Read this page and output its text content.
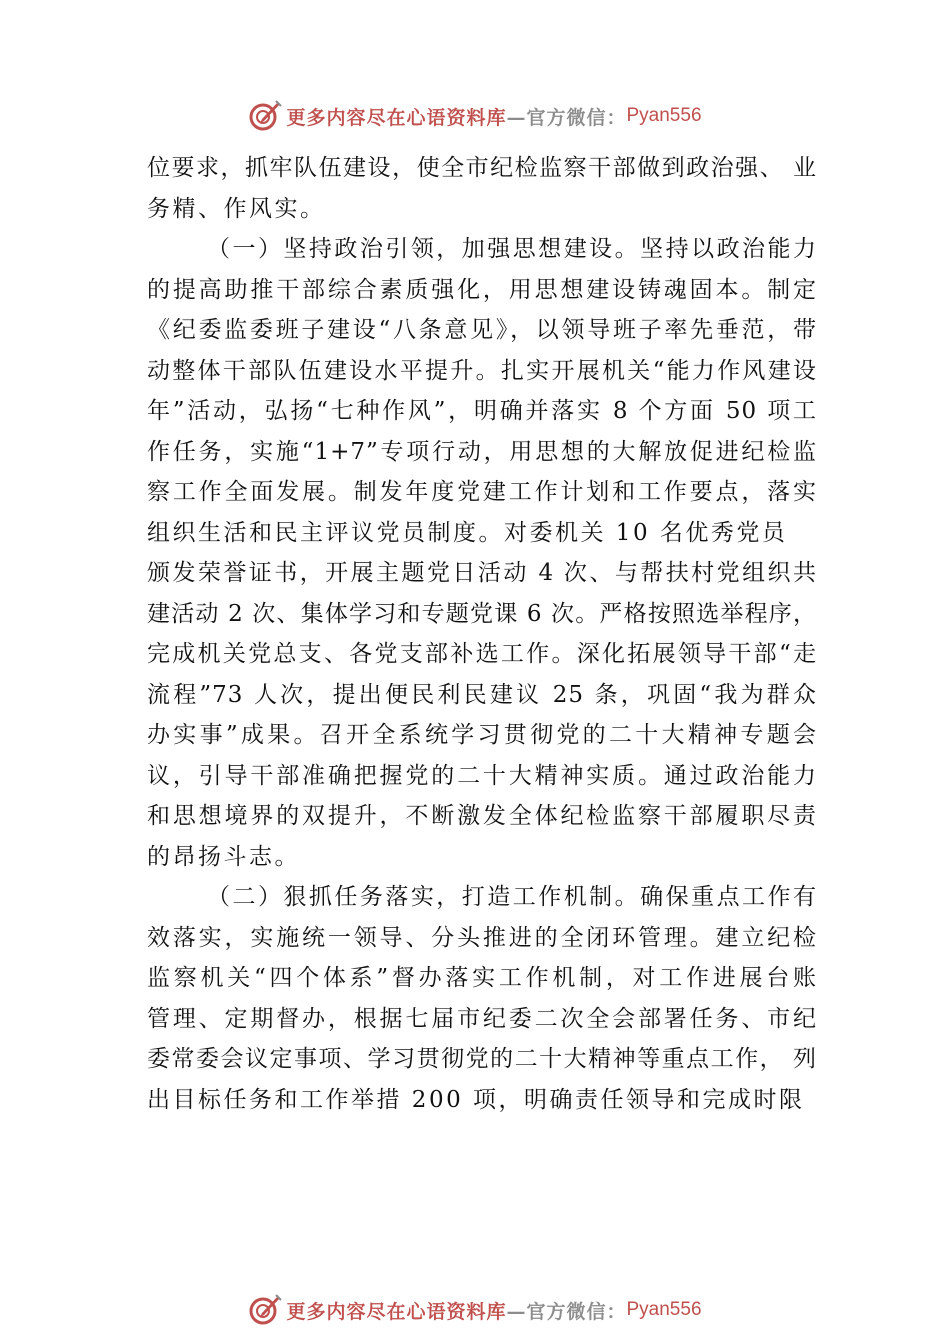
更多内容尽在心语资料库 —官方微信： Pyan556
位要求，抓牢队伍建设，使全市纪检监察干部做到政治强、 业
务精、作风实。
（一）坚持政治引领，加强思想建设。坚持以政治能力
的提高助推干部综合素质强化，用思想建设铸魂固本。制定
《纪委监委班子建设“八条意见》，以领导班子率先垂范，带
动整体干部队伍建设水平提升。扎实开展机关“能力作风建设
年”活动，弘扬“七种作风”，明确并落实 8 个方面 50 项工
作任务，实施“1+7”专项行动，用思想的大解放促进纪检监
察工作全面发展。制发年度党建工作计划和工作要点，落实
组织生活和民主评议党员制度。对委机关 10 名优秀党员
颁发荣誉证书，开展主题党日活动 4 次、与帮扶村党组织共
建活动 2 次、集体学习和专题党课 6 次。严格按照选举程序，
完成机关党总支、各党支部补选工作。深化拓展领导干部“走
流程”73 人次，提出便民利民建议 25 条，巩固“我为群众
办实事”成果。召开全系统学习贯彻党的二十大精神专题会
议，引导干部准确把握党的二十大精神实质。通过政治能力
和思想境界的双提升，不断激发全体纪检监察干部履职尽责
的昂扬斗志。
（二）狠抓任务落实，打造工作机制。确保重点工作有
效落实，实施统一领导、分头推进的全闭环管理。建立纪检
监察机关“四个体系”督办落实工作机制，对工作进展台账
管理、定期督办，根据七届市纪委二次全会部署任务、市纪
委常委会议定事项、学习贯彻党的二十大精神等重点工作， 列
出目标任务和工作举措 200 项，明确责任领导和完成时限
更多内容尽在心语资料库 —官方微信： Pyan556
